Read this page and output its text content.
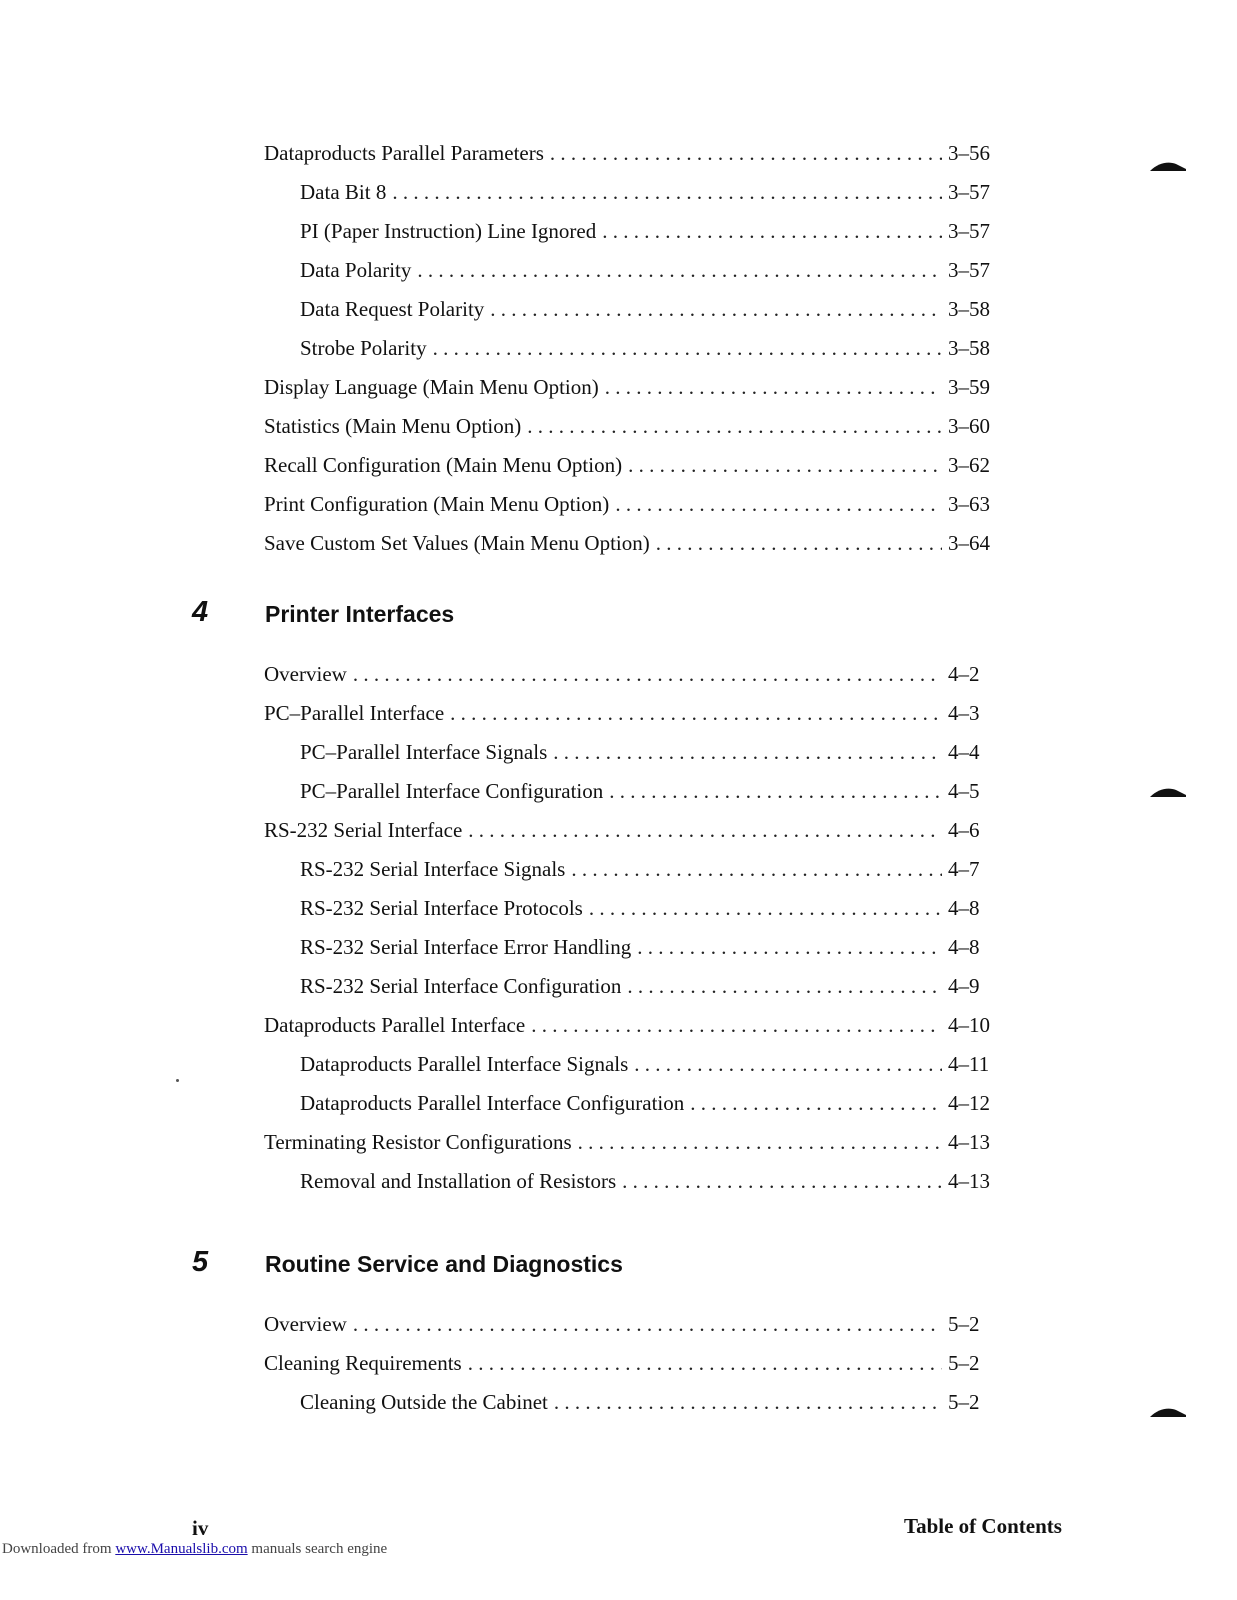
Dataproducts Parallel Parameters . . .	3–56
Data Bit 8 . . .	3–57
PI (Paper Instruction) Line Ignored . . .	3–57
Data Polarity . . .	3–57
Data Request Polarity . . .	3–58
Strobe Polarity . . .	3–58
Display Language (Main Menu Option) . . .	3–59
Statistics (Main Menu Option) . . .	3–60
Recall Configuration (Main Menu Option) . . .	3–62
Print Configuration (Main Menu Option) . . .	3–63
Save Custom Set Values (Main Menu Option) . . .	3–64
4 Printer Interfaces
Overview . . .	4–2
PC–Parallel Interface . . .	4–3
PC–Parallel Interface Signals . . .	4–4
PC–Parallel Interface Configuration . . .	4–5
RS-232 Serial Interface . . .	4–6
RS-232 Serial Interface Signals . . .	4–7
RS-232 Serial Interface Protocols . . .	4–8
RS-232 Serial Interface Error Handling . . .	4–8
RS-232 Serial Interface Configuration . . .	4–9
Dataproducts Parallel Interface . . .	4–10
Dataproducts Parallel Interface Signals . . .	4–11
Dataproducts Parallel Interface Configuration . . .	4–12
Terminating Resistor Configurations . . .	4–13
Removal and Installation of Resistors . . .	4–13
5 Routine Service and Diagnostics
Overview . . .	5–2
Cleaning Requirements . . .	5–2
Cleaning Outside the Cabinet . . .	5–2
iv	Table of Contents
Downloaded from www.Manualslib.com manuals search engine
